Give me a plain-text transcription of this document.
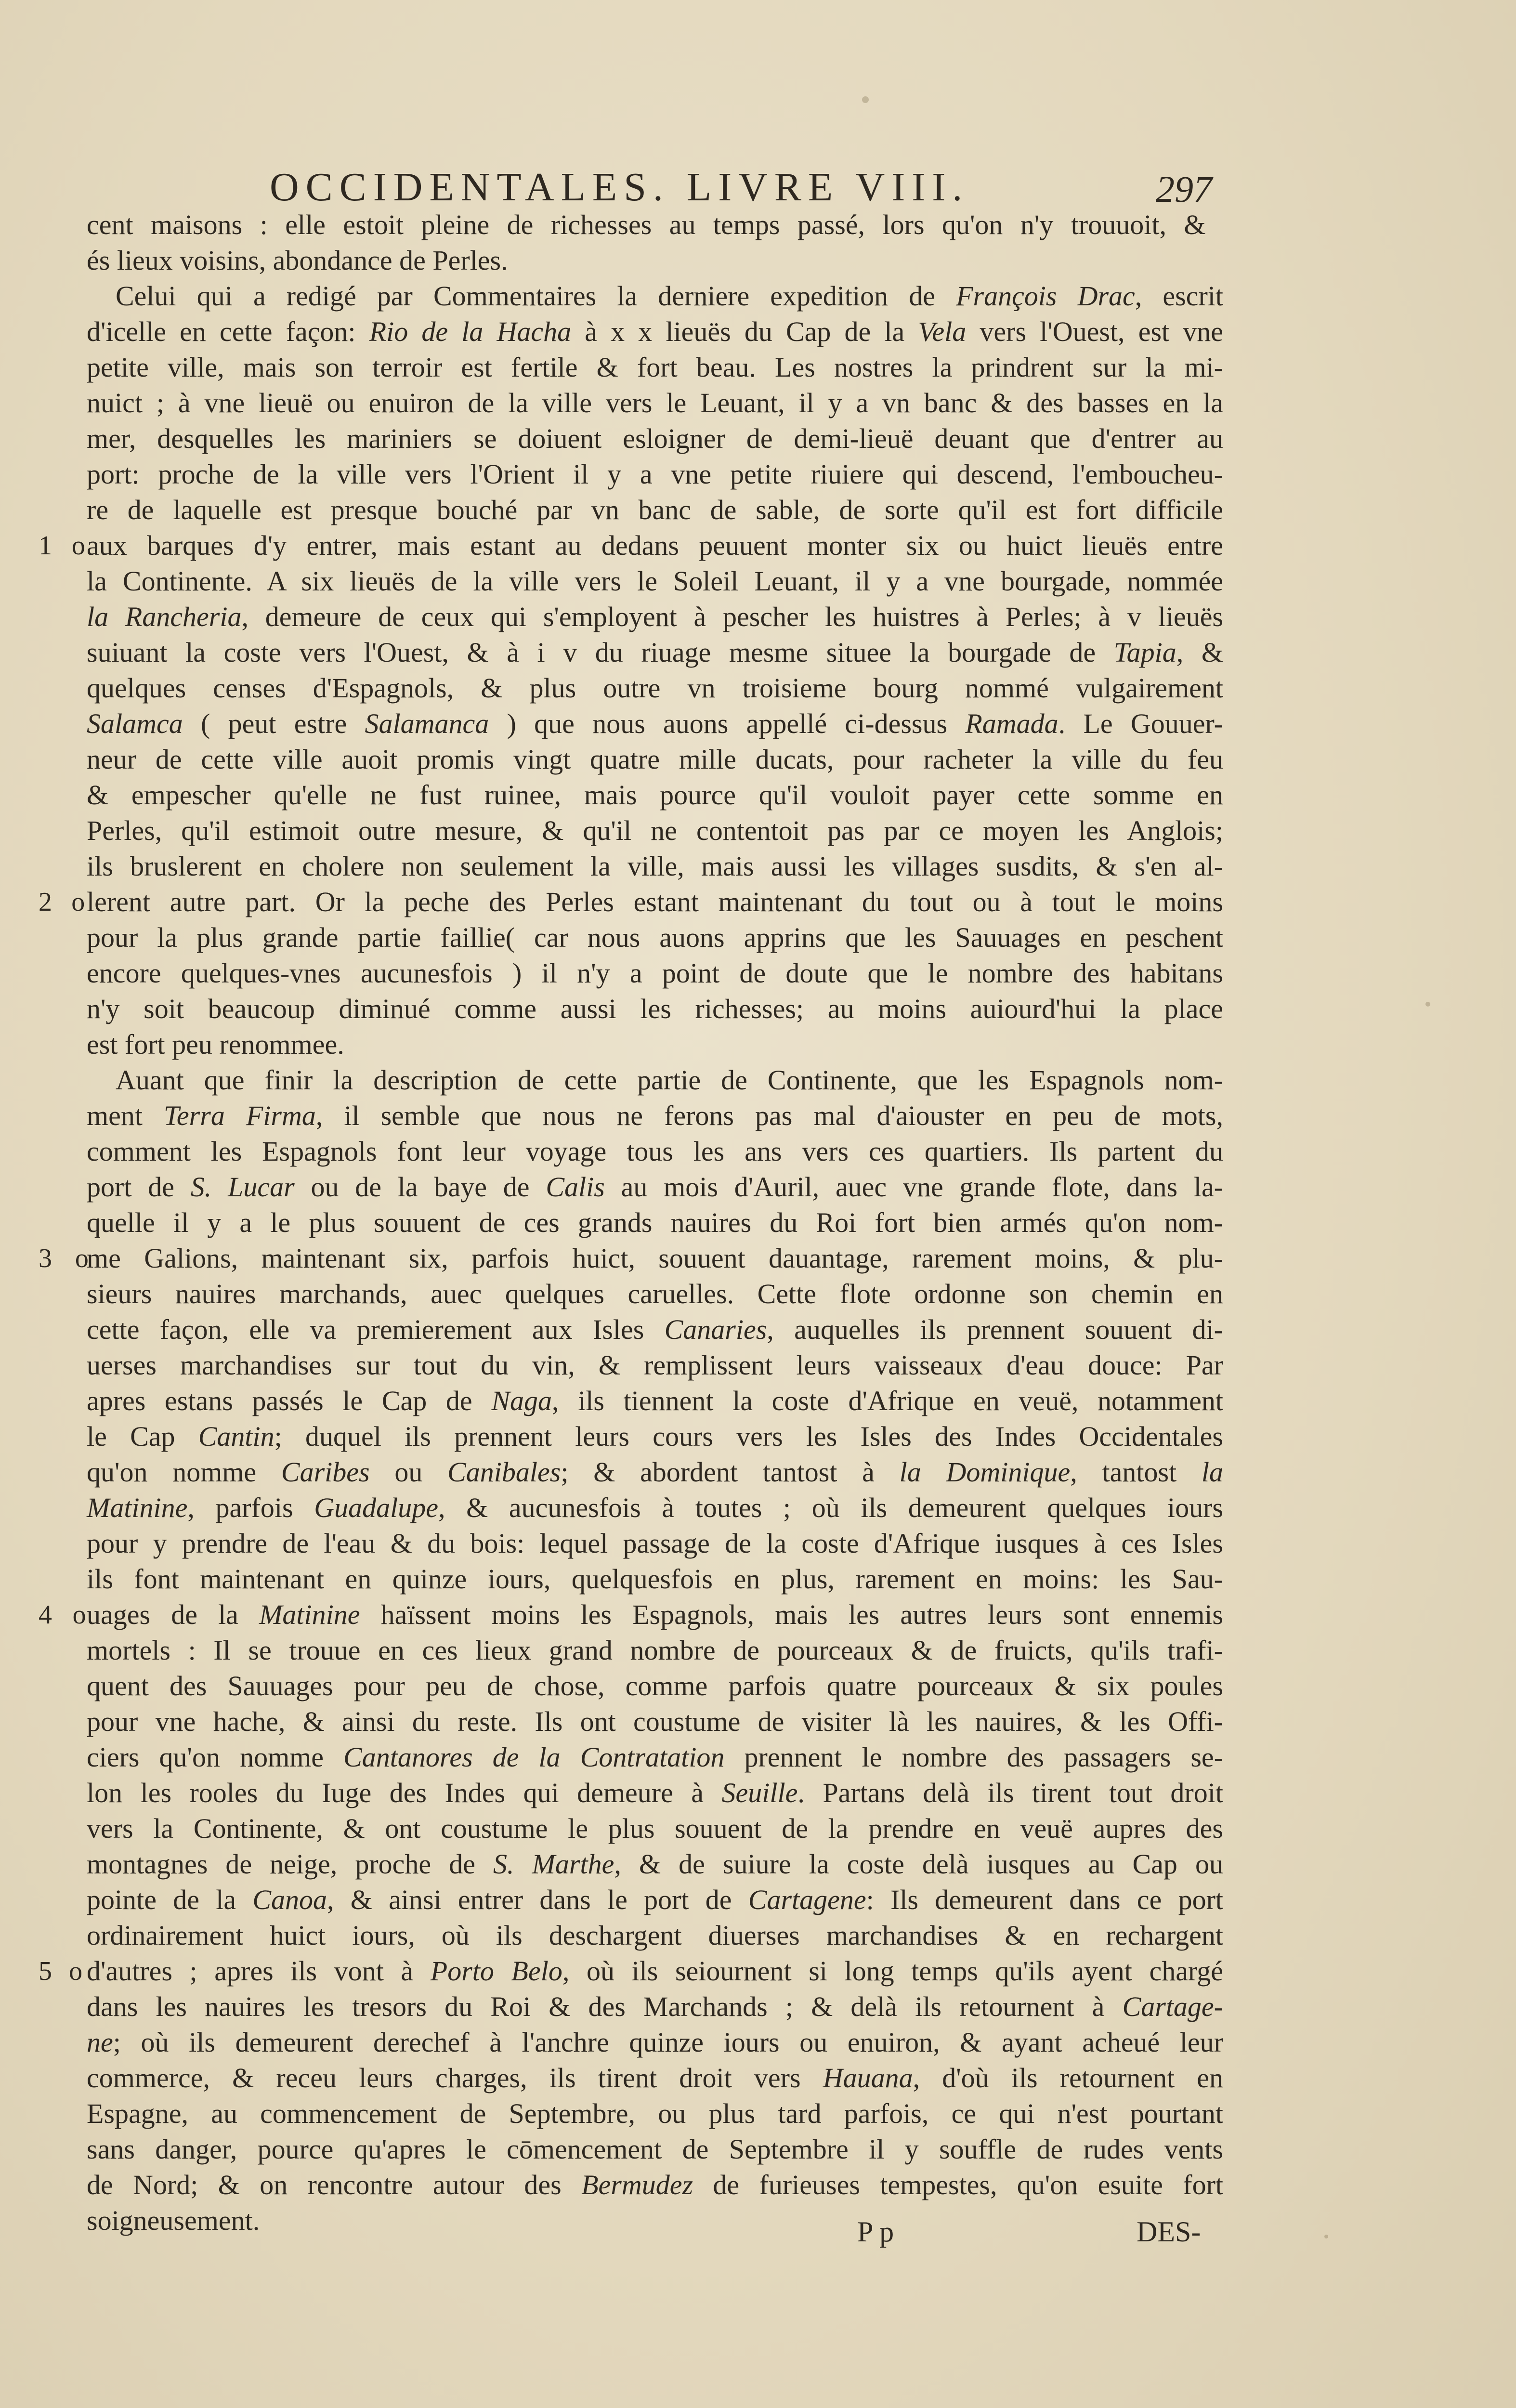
OCCIDENTALES. LIVRE VIII.	297
cent maisons : elle estoit pleine de richesses au temps passé, lors qu'on n'y trouuoit, &
és lieux voisins, abondance de Perles.
Celui qui a redigé par Commentaires la derniere expedition de François Drac, escrit
d'icelle en cette façon: Rio de la Hacha à x x lieuës du Cap de la Vela vers l'Ouest, est vne
petite ville, mais son terroir est fertile & fort beau. Les nostres la prindrent sur la mi-
nuict ; à vne lieuë ou enuiron de la ville vers le Leuant, il y a vn banc & des basses en la
mer, desquelles les mariniers se doiuent esloigner de demi-lieuë deuant que d'entrer au
port: proche de la ville vers l'Orient il y a vne petite riuiere qui descend, l'emboucheu-
re de laquelle est presque bouché par vn banc de sable, de sorte qu'il est fort difficile
1 o aux barques d'y entrer, mais estant au dedans peuuent monter six ou huict lieuës entre
la Continente. A six lieuës de la ville vers le Soleil Leuant, il y a vne bourgade, nommée
la Rancheria, demeure de ceux qui s'employent à pescher les huistres à Perles; à v lieuës
suiuant la coste vers l'Ouest, & à i v du riuage mesme situee la bourgade de Tapia, &
quelques censes d'Espagnols, & plus outre vn troisieme bourg nommé vulgairement
Salamca ( peut estre Salamanca ) que nous auons appellé ci-dessus Ramada. Le Gouuer-
neur de cette ville auoit promis vingt quatre mille ducats, pour racheter la ville du feu
& empescher qu'elle ne fust ruinee, mais pource qu'il vouloit payer cette somme en
Perles, qu'il estimoit outre mesure, & qu'il ne contentoit pas par ce moyen les Anglois;
ils bruslerent en cholere non seulement la ville, mais aussi les villages susdits, & s'en al-
2 o lerent autre part. Or la peche des Perles estant maintenant du tout ou à tout le moins
pour la plus grande partie faillie( car nous auons apprins que les Sauuages en peschent
encore quelques-vnes aucunesfois ) il n'y a point de doute que le nombre des habitans
n'y soit beaucoup diminué comme aussi les richesses; au moins auiourd'hui la place
est fort peu renommee.
Auant que finir la description de cette partie de Continente, que les Espagnols nom-
ment Terra Firma, il semble que nous ne ferons pas mal d'aiouster en peu de mots,
comment les Espagnols font leur voyage tous les ans vers ces quartiers. Ils partent du
port de S. Lucar ou de la baye de Calis au mois d'Auril, auec vne grande flote, dans la-
quelle il y a le plus souuent de ces grands nauires du Roi fort bien armés qu'on nom-
3 o
me Galions, maintenant six, parfois huict, souuent dauantage, rarement moins, & plu-
sieurs nauires marchands, auec quelques caruelles. Cette flote ordonne son chemin en
cette façon, elle va premierement aux Isles Canaries, auquelles ils prennent souuent di-
uerses marchandises sur tout du vin, & remplissent leurs vaisseaux d'eau douce: Par
apres estans passés le Cap de Naga, ils tiennent la coste d'Afrique en veuë, notamment
le Cap Cantin; duquel ils prennent leurs cours vers les Isles des Indes Occidentales
qu'on nomme Caribes ou Canibales; & abordent tantost à la Dominique, tantost la
Matinine, parfois Guadalupe, & aucunesfois à toutes ; où ils demeurent quelques iours
pour y prendre de l'eau & du bois: lequel passage de la coste d'Afrique iusques à ces Isles
ils font maintenant en quinze iours, quelquesfois en plus, rarement en moins: les Sau-
4 o uages de la Matinine haïssent moins les Espagnols, mais les autres leurs sont ennemis
mortels : Il se trouue en ces lieux grand nombre de pourceaux & de fruicts, qu'ils trafi-
quent des Sauuages pour peu de chose, comme parfois quatre pourceaux & six poules
pour vne hache, & ainsi du reste. Ils ont coustume de visiter là les nauires, & les Offi-
ciers qu'on nomme Cantanores de la Contratation prennent le nombre des passagers se-
lon les rooles du Iuge des Indes qui demeure à Seuille. Partans delà ils tirent tout droit
vers la Continente, & ont coustume le plus souuent de la prendre en veuë aupres des
montagnes de neige, proche de S. Marthe, & de suiure la coste delà iusques au Cap ou
pointe de la Canoa, & ainsi entrer dans le port de Cartagene: Ils demeurent dans ce port
ordinairement huict iours, où ils deschargent diuerses marchandises & en rechargent
5 o d'autres ; apres ils vont à Porto Belo, où ils seiournent si long temps qu'ils ayent chargé
dans les nauires les tresors du Roi & des Marchands ; & delà ils retournent à Cartage-
ne; où ils demeurent derechef à l'anchre quinze iours ou enuiron, & ayant acheué leur
commerce, & receu leurs charges, ils tirent droit vers Hauana, d'où ils retournent en
Espagne, au commencement de Septembre, ou plus tard parfois, ce qui n'est pourtant
sans danger, pource qu'apres le cōmencement de Septembre il y souffle de rudes vents
de Nord; & on rencontre autour des Bermudez de furieuses tempestes, qu'on esuite fort
soigneusement.	P p	DES-
